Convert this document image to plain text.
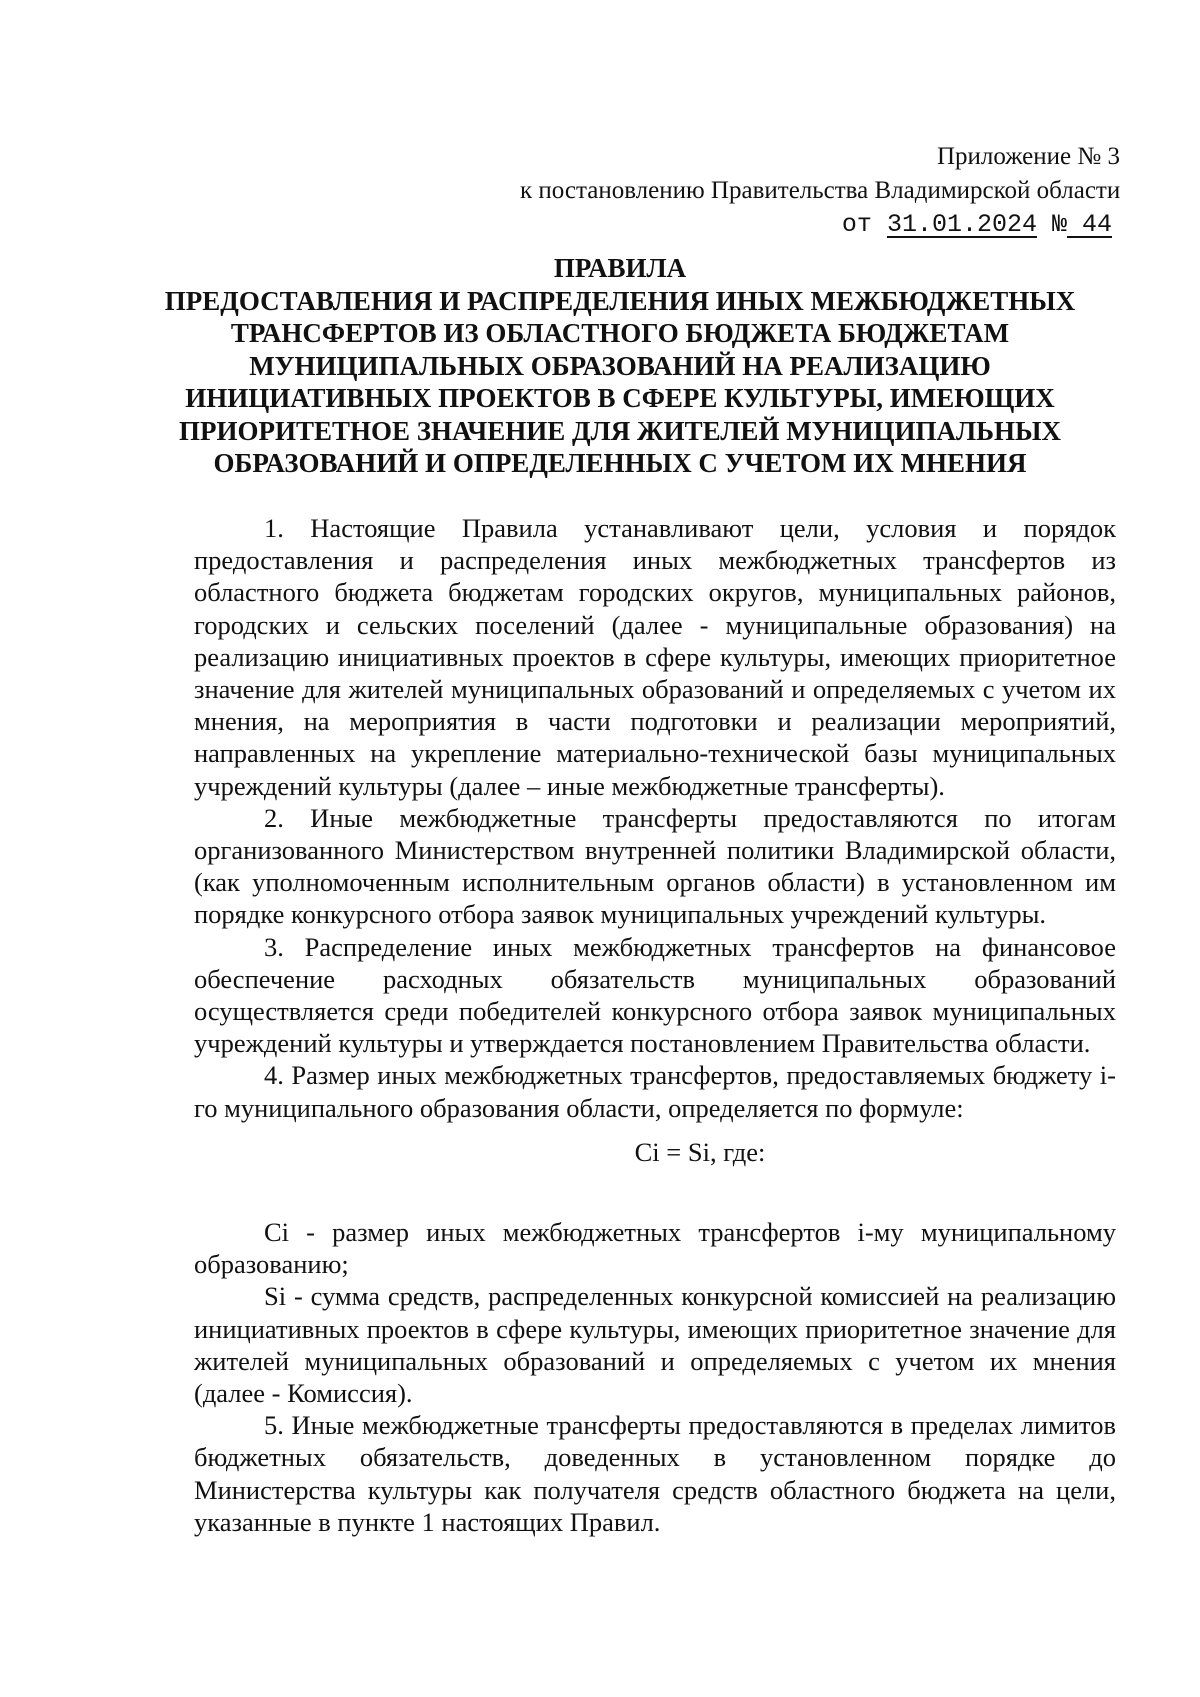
Приложение № 3
к постановлению Правительства Владимирской области
от 31.01.2024 № 44
ПРАВИЛА
ПРЕДОСТАВЛЕНИЯ И РАСПРЕДЕЛЕНИЯ ИНЫХ МЕЖБЮДЖЕТНЫХ ТРАНСФЕРТОВ ИЗ ОБЛАСТНОГО БЮДЖЕТА БЮДЖЕТАМ МУНИЦИПАЛЬНЫХ ОБРАЗОВАНИЙ НА РЕАЛИЗАЦИЮ ИНИЦИАТИВНЫХ ПРОЕКТОВ В СФЕРЕ КУЛЬТУРЫ, ИМЕЮЩИХ ПРИОРИТЕТНОЕ ЗНАЧЕНИЕ ДЛЯ ЖИТЕЛЕЙ МУНИЦИПАЛЬНЫХ ОБРАЗОВАНИЙ И ОПРЕДЕЛЕННЫХ С УЧЕТОМ ИХ МНЕНИЯ

1. Настоящие Правила устанавливают цели, условия и порядок предоставления и распределения иных межбюджетных трансфертов из областного бюджета бюджетам городских округов, муниципальных районов, городских и сельских поселений (далее - муниципальные образования) на реализацию инициативных проектов в сфере культуры, имеющих приоритетное значение для жителей муниципальных образований и определяемых с учетом их мнения, на мероприятия в части подготовки и реализации мероприятий, направленных на укрепление материально-технической базы муниципальных учреждений культуры (далее – иные межбюджетные трансферты).

2. Иные межбюджетные трансферты предоставляются по итогам организованного Министерством внутренней политики Владимирской области, (как уполномоченным исполнительным органов области) в установленном им порядке конкурсного отбора заявок муниципальных учреждений культуры.

3. Распределение иных межбюджетных трансфертов на финансовое обеспечение расходных обязательств муниципальных образований осуществляется среди победителей конкурсного отбора заявок муниципальных учреждений культуры и утверждается постановлением Правительства области.

4. Размер иных межбюджетных трансфертов, предоставляемых бюджету i-го муниципального образования области, определяется по формуле:

Ci = Si, где:

Ci - размер иных межбюджетных трансфертов i-му муниципальному образованию;

Si - сумма средств, распределенных конкурсной комиссией на реализацию инициативных проектов в сфере культуры, имеющих приоритетное значение для жителей муниципальных образований и определяемых с учетом их мнения (далее - Комиссия).

5. Иные межбюджетные трансферты предоставляются в пределах лимитов бюджетных обязательств, доведенных в установленном порядке до Министерства культуры как получателя средств областного бюджета на цели, указанные в пункте 1 настоящих Правил.
